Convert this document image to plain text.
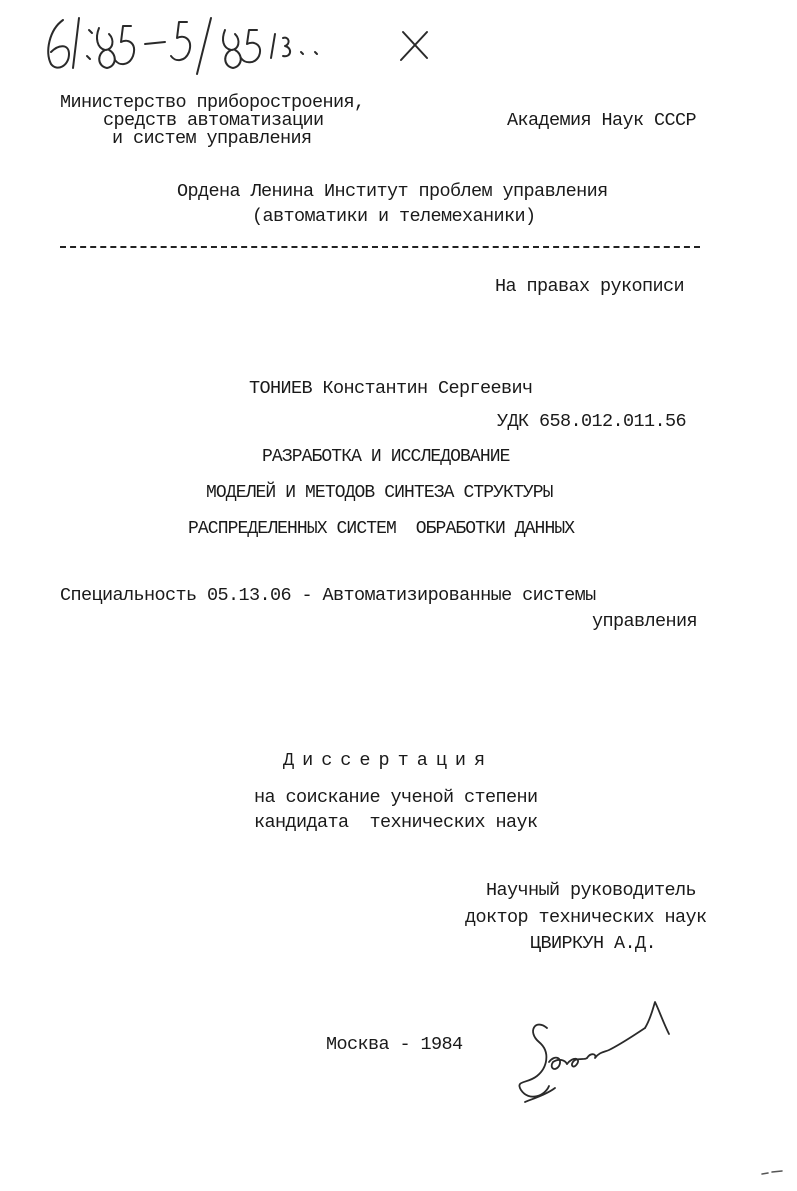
6/: 85-5/85 13. X
Министерство приборостроения,
средств автоматизации
и систем управления
Академия Наук СССР
Ордена Ленина Институт проблем управления
(автоматики и телемеханики)
На правах рукописи
ТОНИЕВ Константин Сергеевич
УДК 658.012.011.56
РАЗРАБОТКА И ИССЛЕДОВАНИЕ
МОДЕЛЕЙ И МЕТОДОВ СИНТЕЗА СТРУКТУРЫ
РАСПРЕДЕЛЕННЫХ СИСТЕМ  ОБРАБОТКИ ДАННЫХ
Специальность 05.13.06 - Автоматизированные системы
управления
Диссертация
на соискание ученой степени
кандидата  технических наук
Научный руководитель
доктор технических наук
ЦВИРКУН А.Д.
Москва - 1984
